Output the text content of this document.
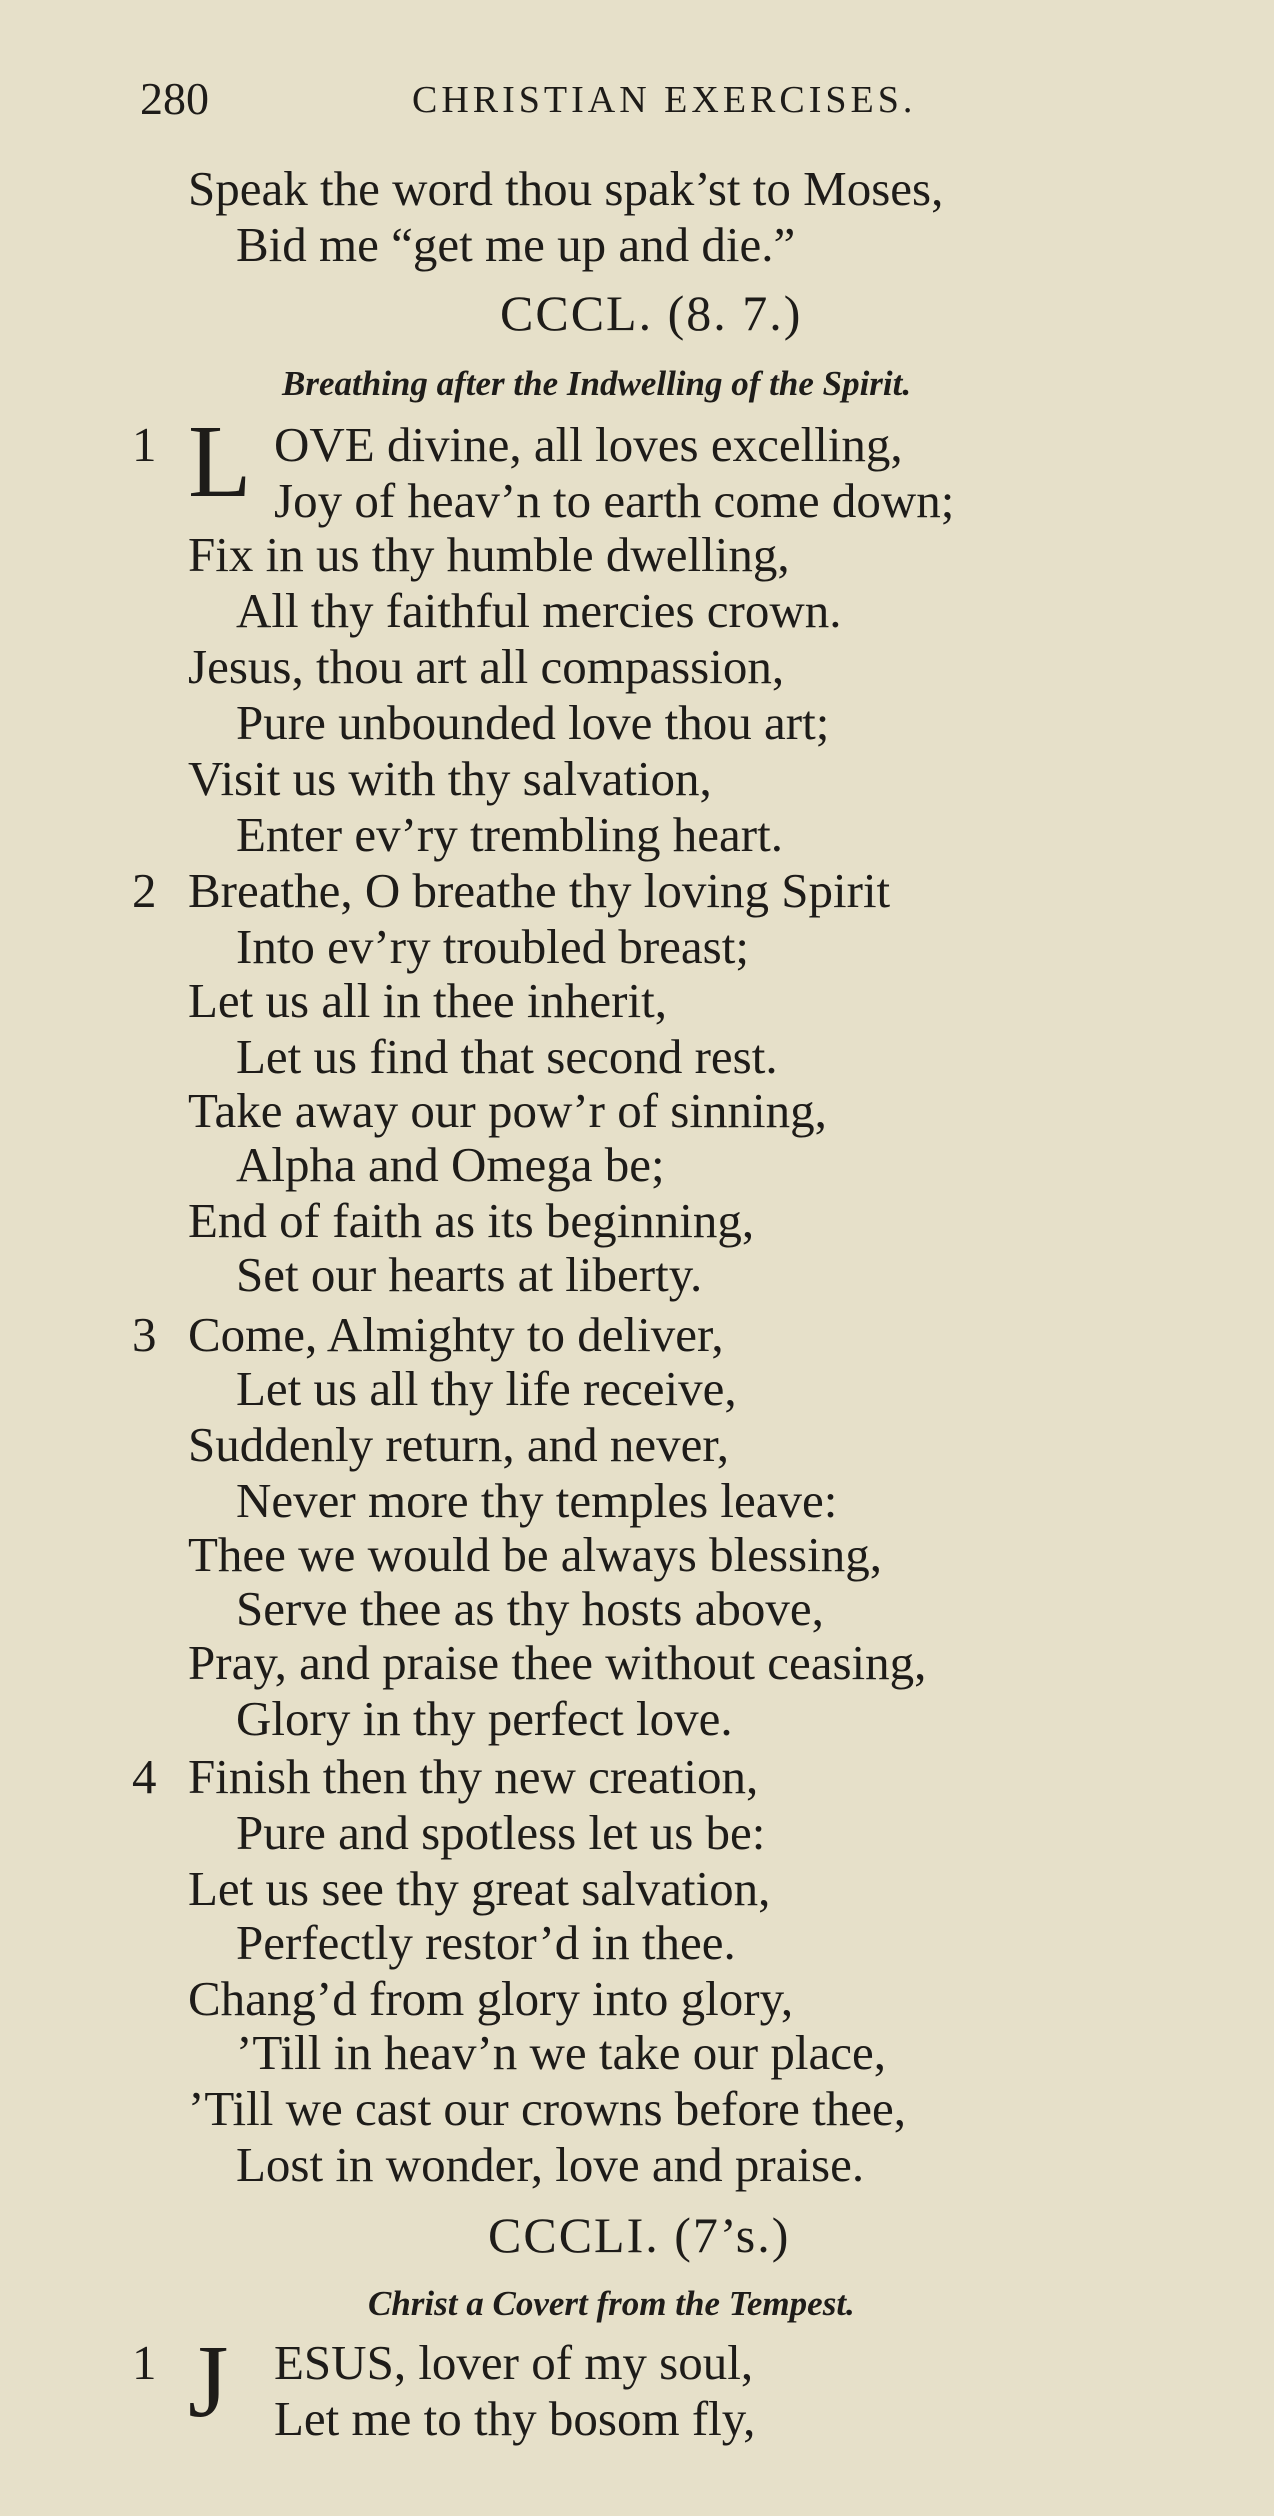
280	CHRISTIAN EXERCISES.
Speak the word thou spak’st to Moses,
Bid me “get me up and die.”
CCCL. (8. 7.)
Breathing after the Indwelling of the Spirit.
1 L OVE divine, all loves excelling,
Joy of heav’n to earth come down;
Fix in us thy humble dwelling,
All thy faithful mercies crown.
Jesus, thou art all compassion,
Pure unbounded love thou art;
Visit us with thy salvation,
Enter ev’ry trembling heart.
2 Breathe, O breathe thy loving Spirit
Into ev’ry troubled breast;
Let us all in thee inherit,
Let us find that second rest.
Take away our pow’r of sinning,
Alpha and Omega be;
End of faith as its beginning,
Set our hearts at liberty.
3 Come, Almighty to deliver,
Let us all thy life receive,
Suddenly return, and never,
Never more thy temples leave:
Thee we would be always blessing,
Serve thee as thy hosts above,
Pray, and praise thee without ceasing,
Glory in thy perfect love.
4 Finish then thy new creation,
Pure and spotless let us be:
Let us see thy great salvation,
Perfectly restor’d in thee.
Chang’d from glory into glory,
’Till in heav’n we take our place,
’Till we cast our crowns before thee,
Lost in wonder, love and praise.
CCCLI. (7’s.)
Christ a Covert from the Tempest.
1 J ESUS, lover of my soul,
Let me to thy bosom fly,
